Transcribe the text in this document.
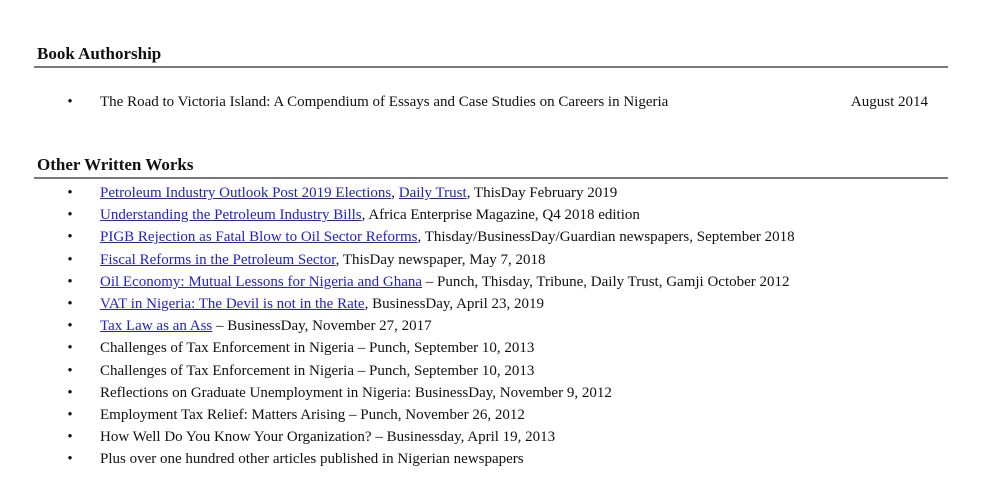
Book Authorship
• The Road to Victoria Island: A Compendium of Essays and Case Studies on Careers in Nigeria	August 2014
Other Written Works
• Petroleum Industry Outlook Post 2019 Elections, Daily Trust, ThisDay February 2019
• Understanding the Petroleum Industry Bills, Africa Enterprise Magazine, Q4 2018 edition
• PIGB Rejection as Fatal Blow to Oil Sector Reforms, Thisday/BusinessDay/Guardian newspapers, September 2018
• Fiscal Reforms in the Petroleum Sector, ThisDay newspaper, May 7, 2018
• Oil Economy: Mutual Lessons for Nigeria and Ghana – Punch, Thisday, Tribune, Daily Trust, Gamji October 2012
• VAT in Nigeria: The Devil is not in the Rate, BusinessDay, April 23, 2019
• Tax Law as an Ass – BusinessDay, November 27, 2017
• Challenges of Tax Enforcement in Nigeria – Punch, September 10, 2013
• Challenges of Tax Enforcement in Nigeria – Punch, September 10, 2013
• Reflections on Graduate Unemployment in Nigeria: BusinessDay, November 9, 2012
• Employment Tax Relief: Matters Arising – Punch, November 26, 2012
• How Well Do You Know Your Organization? – Businessday, April 19, 2013
• Plus over one hundred other articles published in Nigerian newspapers
